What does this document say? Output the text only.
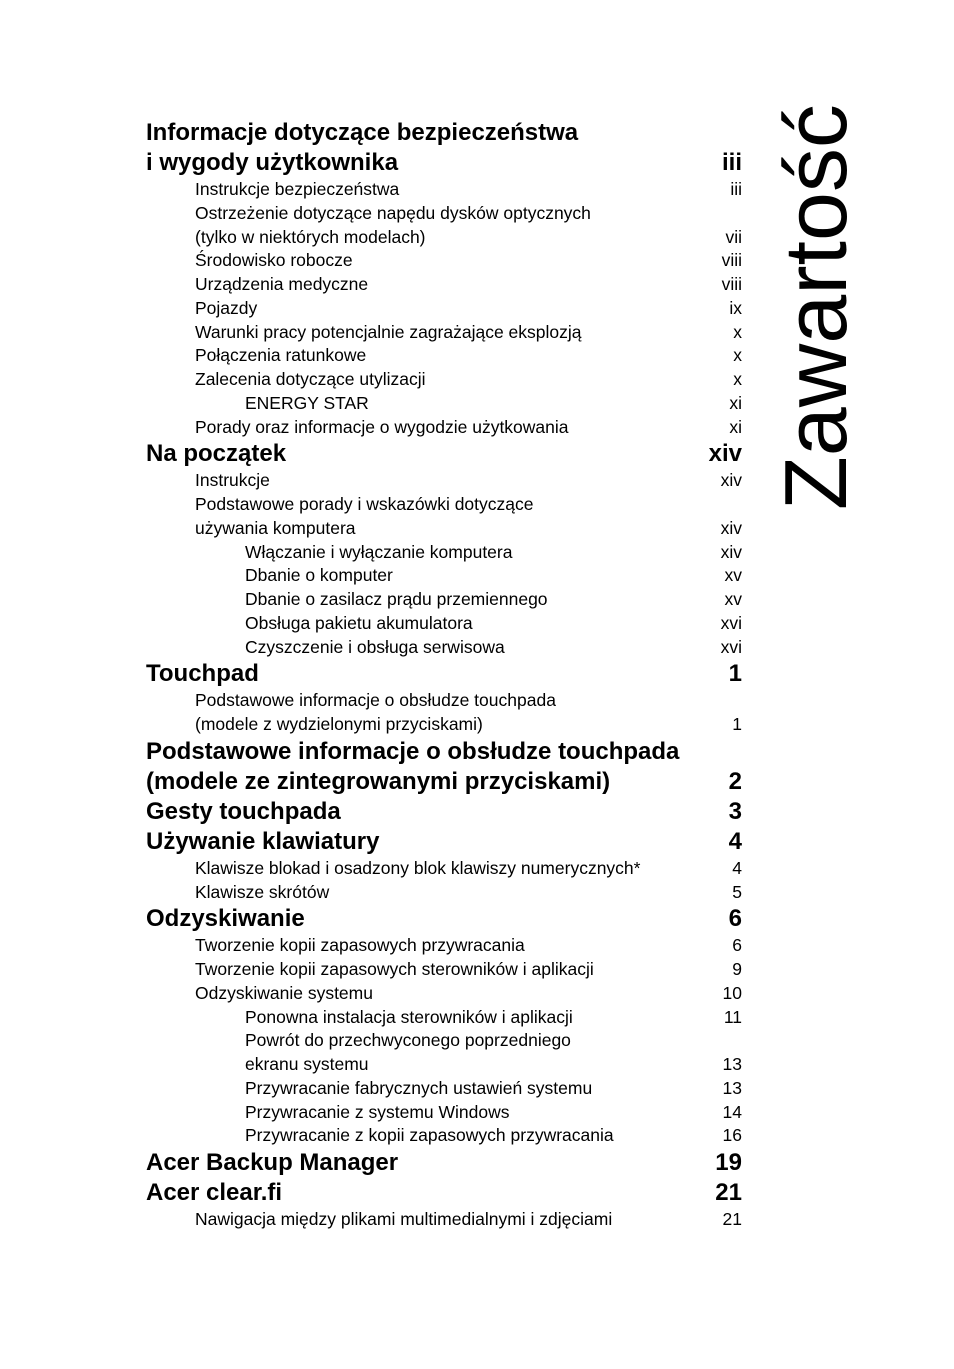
Informacje dotyczące bezpieczeństwa
i wygody użytkownika	iii
Instrukcje bezpieczeństwa	iii
Ostrzeżenie dotyczące napędu dysków optycznych
(tylko w niektórych modelach)	vii
Środowisko robocze	viii
Urządzenia medyczne	viii
Pojazdy	ix
Warunki pracy potencjalnie zagrażające eksplozją	x
Połączenia ratunkowe	x
Zalecenia dotyczące utylizacji	x
ENERGY STAR	xi
Porady oraz informacje o wygodzie użytkowania	xi
Na początek	xiv
Instrukcje	xiv
Podstawowe porady i wskazówki dotyczące
używania komputera	xiv
Włączanie i wyłączanie komputera	xiv
Dbanie o komputer	xv
Dbanie o zasilacz prądu przemiennego	xv
Obsługa pakietu akumulatora	xvi
Czyszczenie i obsługa serwisowa	xvi
Touchpad	1
Podstawowe informacje o obsłudze touchpada
(modele z wydzielonymi przyciskami)	1
Podstawowe informacje o obsłudze touchpada
(modele ze zintegrowanymi przyciskami)	2
Gesty touchpada	3
Używanie klawiatury	4
Klawisze blokad i osadzony blok klawiszy numerycznych*	4
Klawisze skrótów	5
Odzyskiwanie	6
Tworzenie kopii zapasowych przywracania	6
Tworzenie kopii zapasowych sterowników i aplikacji	9
Odzyskiwanie systemu	10
Ponowna instalacja sterowników i aplikacji	11
Powrót do przechwyconego poprzedniego
ekranu systemu	13
Przywracanie fabrycznych ustawień systemu	13
Przywracanie z systemu Windows	14
Przywracanie z kopii zapasowych przywracania	16
Acer Backup Manager	19
Acer clear.fi	21
Nawigacja między plikami multimedialnymi i zdjęciami	21
Zawartość
